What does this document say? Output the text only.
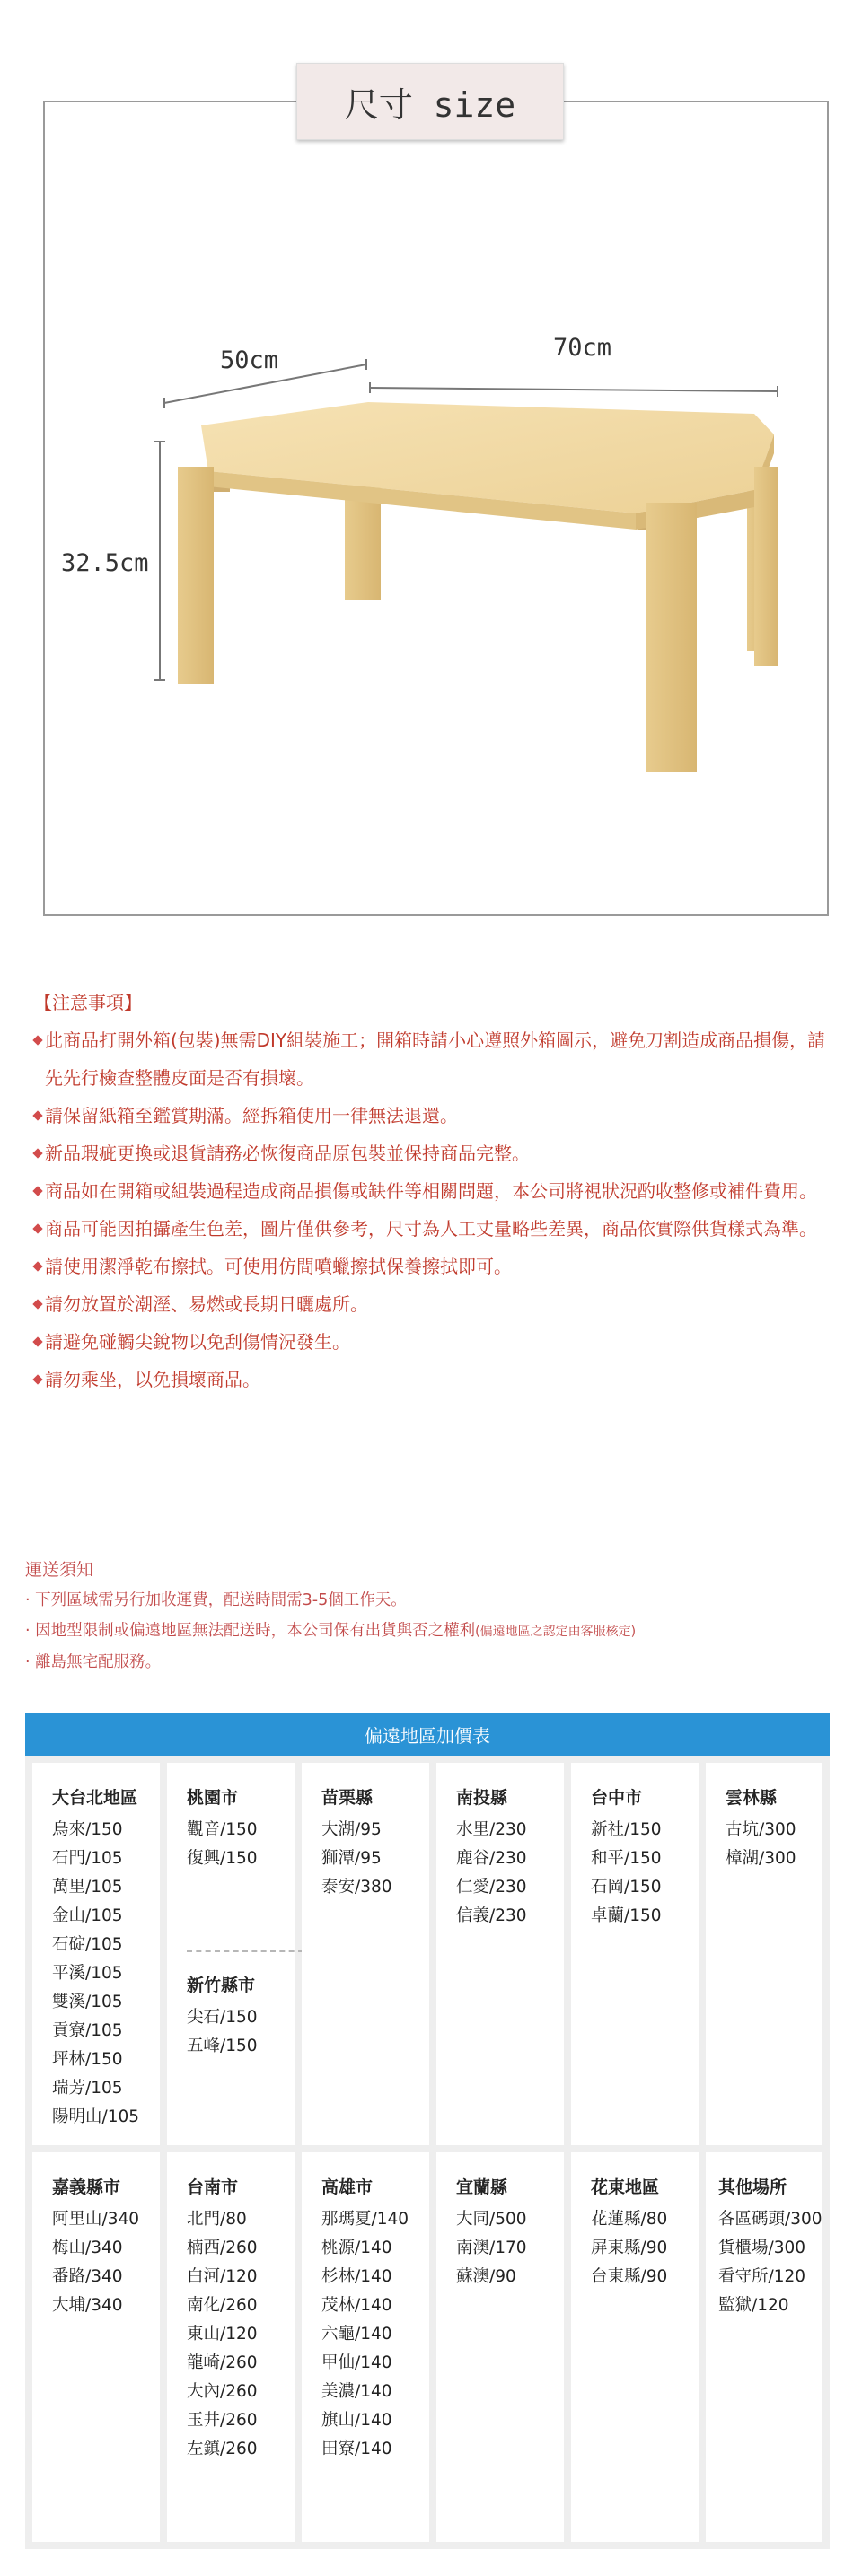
尺寸 size
50cm	70cm
32.5cm
【注意事項】
此商品打開外箱(包裝)無需DIY組裝施工；開箱時請小心遵照外箱圖示，避免刀割造成商品損傷，請先先行檢查整體皮面是否有損壞。
請保留紙箱至鑑賞期滿。經拆箱使用一律無法退還。
新品瑕疵更換或退貨請務必恢復商品原包裝並保持商品完整。
商品如在開箱或組裝過程造成商品損傷或缺件等相關問題，本公司將視狀況酌收整修或補件費用。
商品可能因拍攝產生色差，圖片僅供參考，尺寸為人工丈量略些差異，商品依實際供貨樣式為準。
請使用潔淨乾布擦拭。可使用仿間噴蠟擦拭保養擦拭即可。
請勿放置於潮溼、易燃或長期日曬處所。
請避免碰觸尖銳物以免刮傷情況發生。
請勿乘坐，以免損壞商品。
運送須知
· 下列區域需另行加收運費，配送時間需3-5個工作天。
· 因地型限制或偏遠地區無法配送時，本公司保有出貨與否之權利(偏遠地區之認定由客服核定)
· 離島無宅配服務。
偏遠地區加價表
大台北地區
烏來/150
石門/105
萬里/105
金山/105
石碇/105
平溪/105
雙溪/105
貢寮/105
坪林/150
瑞芳/105
陽明山/105
桃園市
觀音/150
復興/150
新竹縣市
尖石/150
五峰/150
苗栗縣
大湖/95
獅潭/95
泰安/380
南投縣
水里/230
鹿谷/230
仁愛/230
信義/230
台中市
新社/150
和平/150
石岡/150
卓蘭/150
雲林縣
古坑/300
樟湖/300
嘉義縣市
阿里山/340
梅山/340
番路/340
大埔/340
台南市
北門/80
楠西/260
白河/120
南化/260
東山/120
龍崎/260
大內/260
玉井/260
左鎮/260
高雄市
那瑪夏/140
桃源/140
杉林/140
茂林/140
六龜/140
甲仙/140
美濃/140
旗山/140
田寮/140
宜蘭縣
大同/500
南澳/170
蘇澳/90
花東地區
花蓮縣/80
屏東縣/90
台東縣/90
其他場所
各區碼頭/300
貨櫃場/300
看守所/120
監獄/120
